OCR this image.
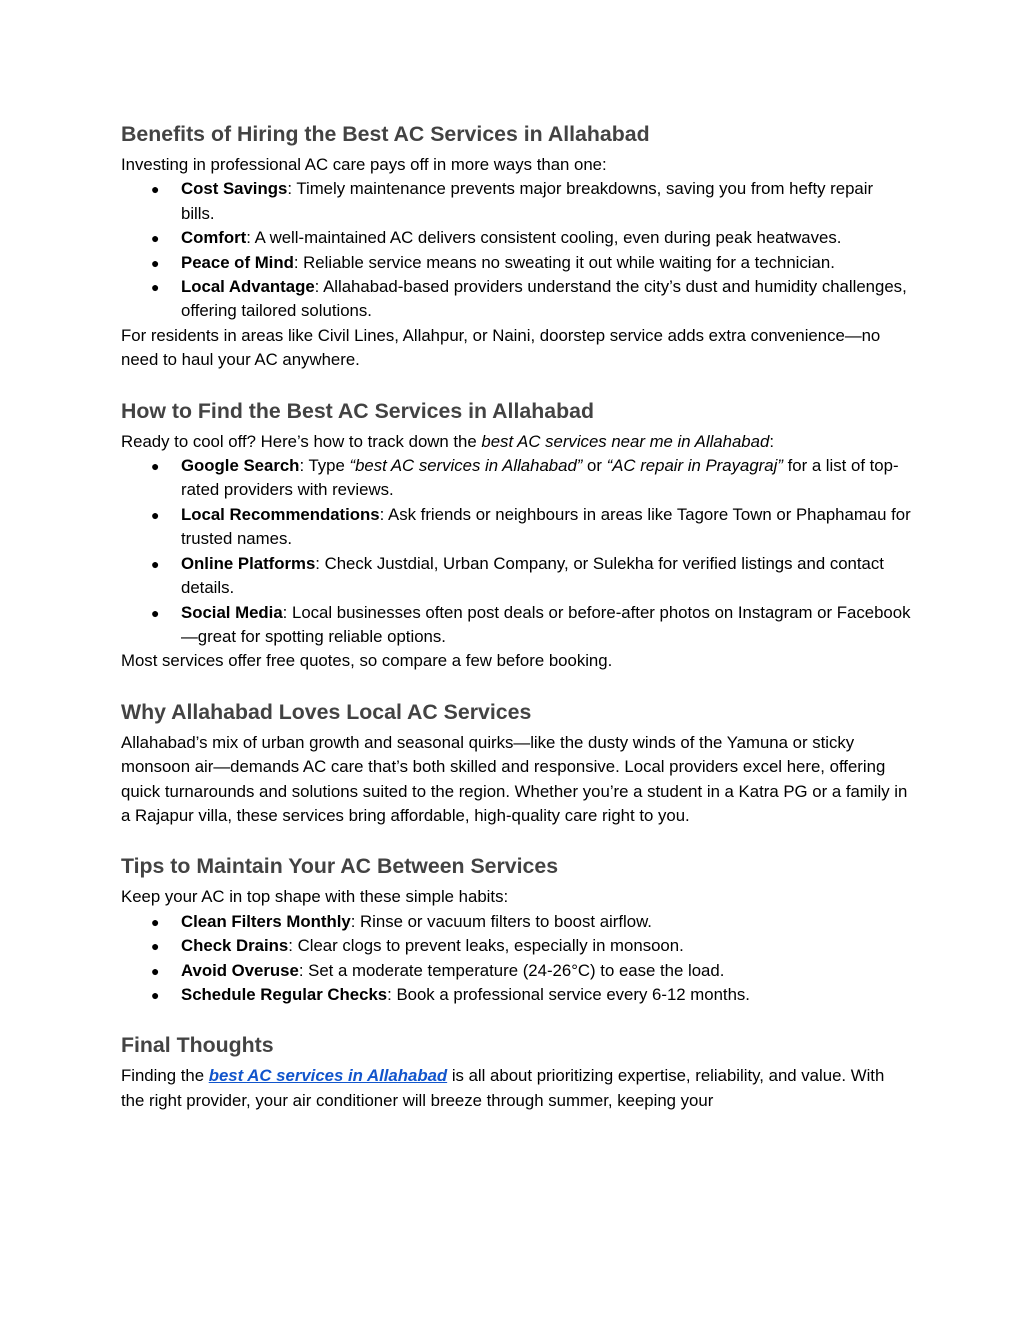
Benefits of Hiring the Best AC Services in Allahabad

Investing in professional AC care pays off in more ways than one:

● Cost Savings: Timely maintenance prevents major breakdowns, saving you from hefty repair bills.
● Comfort: A well-maintained AC delivers consistent cooling, even during peak heatwaves.
● Peace of Mind: Reliable service means no sweating it out while waiting for a technician.
● Local Advantage: Allahabad-based providers understand the city’s dust and humidity challenges, offering tailored solutions.

For residents in areas like Civil Lines, Allahpur, or Naini, doorstep service adds extra convenience—no need to haul your AC anywhere.

How to Find the Best AC Services in Allahabad

Ready to cool off? Here’s how to track down the best AC services near me in Allahabad:

● Google Search: Type “best AC services in Allahabad” or “AC repair in Prayagraj” for a list of top-rated providers with reviews.
● Local Recommendations: Ask friends or neighbours in areas like Tagore Town or Phaphamau for trusted names.
● Online Platforms: Check Justdial, Urban Company, or Sulekha for verified listings and contact details.
● Social Media: Local businesses often post deals or before-after photos on Instagram or Facebook—great for spotting reliable options.

Most services offer free quotes, so compare a few before booking.

Why Allahabad Loves Local AC Services

Allahabad’s mix of urban growth and seasonal quirks—like the dusty winds of the Yamuna or sticky monsoon air—demands AC care that’s both skilled and responsive. Local providers excel here, offering quick turnarounds and solutions suited to the region. Whether you’re a student in a Katra PG or a family in a Rajapur villa, these services bring affordable, high-quality care right to you.

Tips to Maintain Your AC Between Services

Keep your AC in top shape with these simple habits:

● Clean Filters Monthly: Rinse or vacuum filters to boost airflow.
● Check Drains: Clear clogs to prevent leaks, especially in monsoon.
● Avoid Overuse: Set a moderate temperature (24-26°C) to ease the load.
● Schedule Regular Checks: Book a professional service every 6-12 months.
Final Thoughts

Finding the best AC services in Allahabad is all about prioritizing expertise, reliability, and value. With the right provider, your air conditioner will breeze through summer, keeping your
